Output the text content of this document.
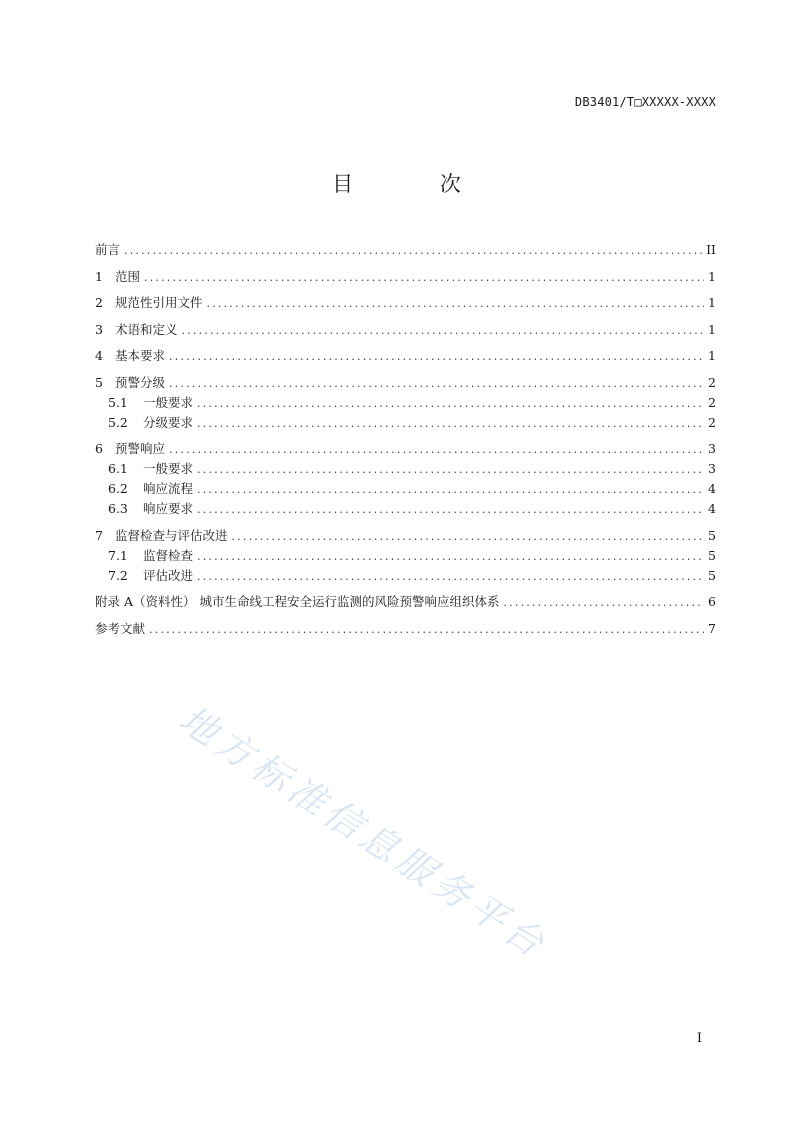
DB3401/T□XXXXX-XXXX
目 次
前言 .....	II
1 范围 .....	1
2 规范性引用文件 .....	1
3 术语和定义 .....	1
4 基本要求 .....	1
5 预警分级 .....	2
5.1	一般要求 .....	2
5.2	分级要求 .....	2
6 预警响应 .....	3
6.1	一般要求 .....	3
6.2	响应流程 .....	4
6.3	响应要求 .....	4
7 监督检查与评估改进 .....	5
7.1	监督检查 .....	5
7.2	评估改进 .....	5
附录 A（资料性） 城市生命线工程安全运行监测的风险预警响应组织体系 .....	6
参考文献 .....	7
地方标准信息服务平台
I
